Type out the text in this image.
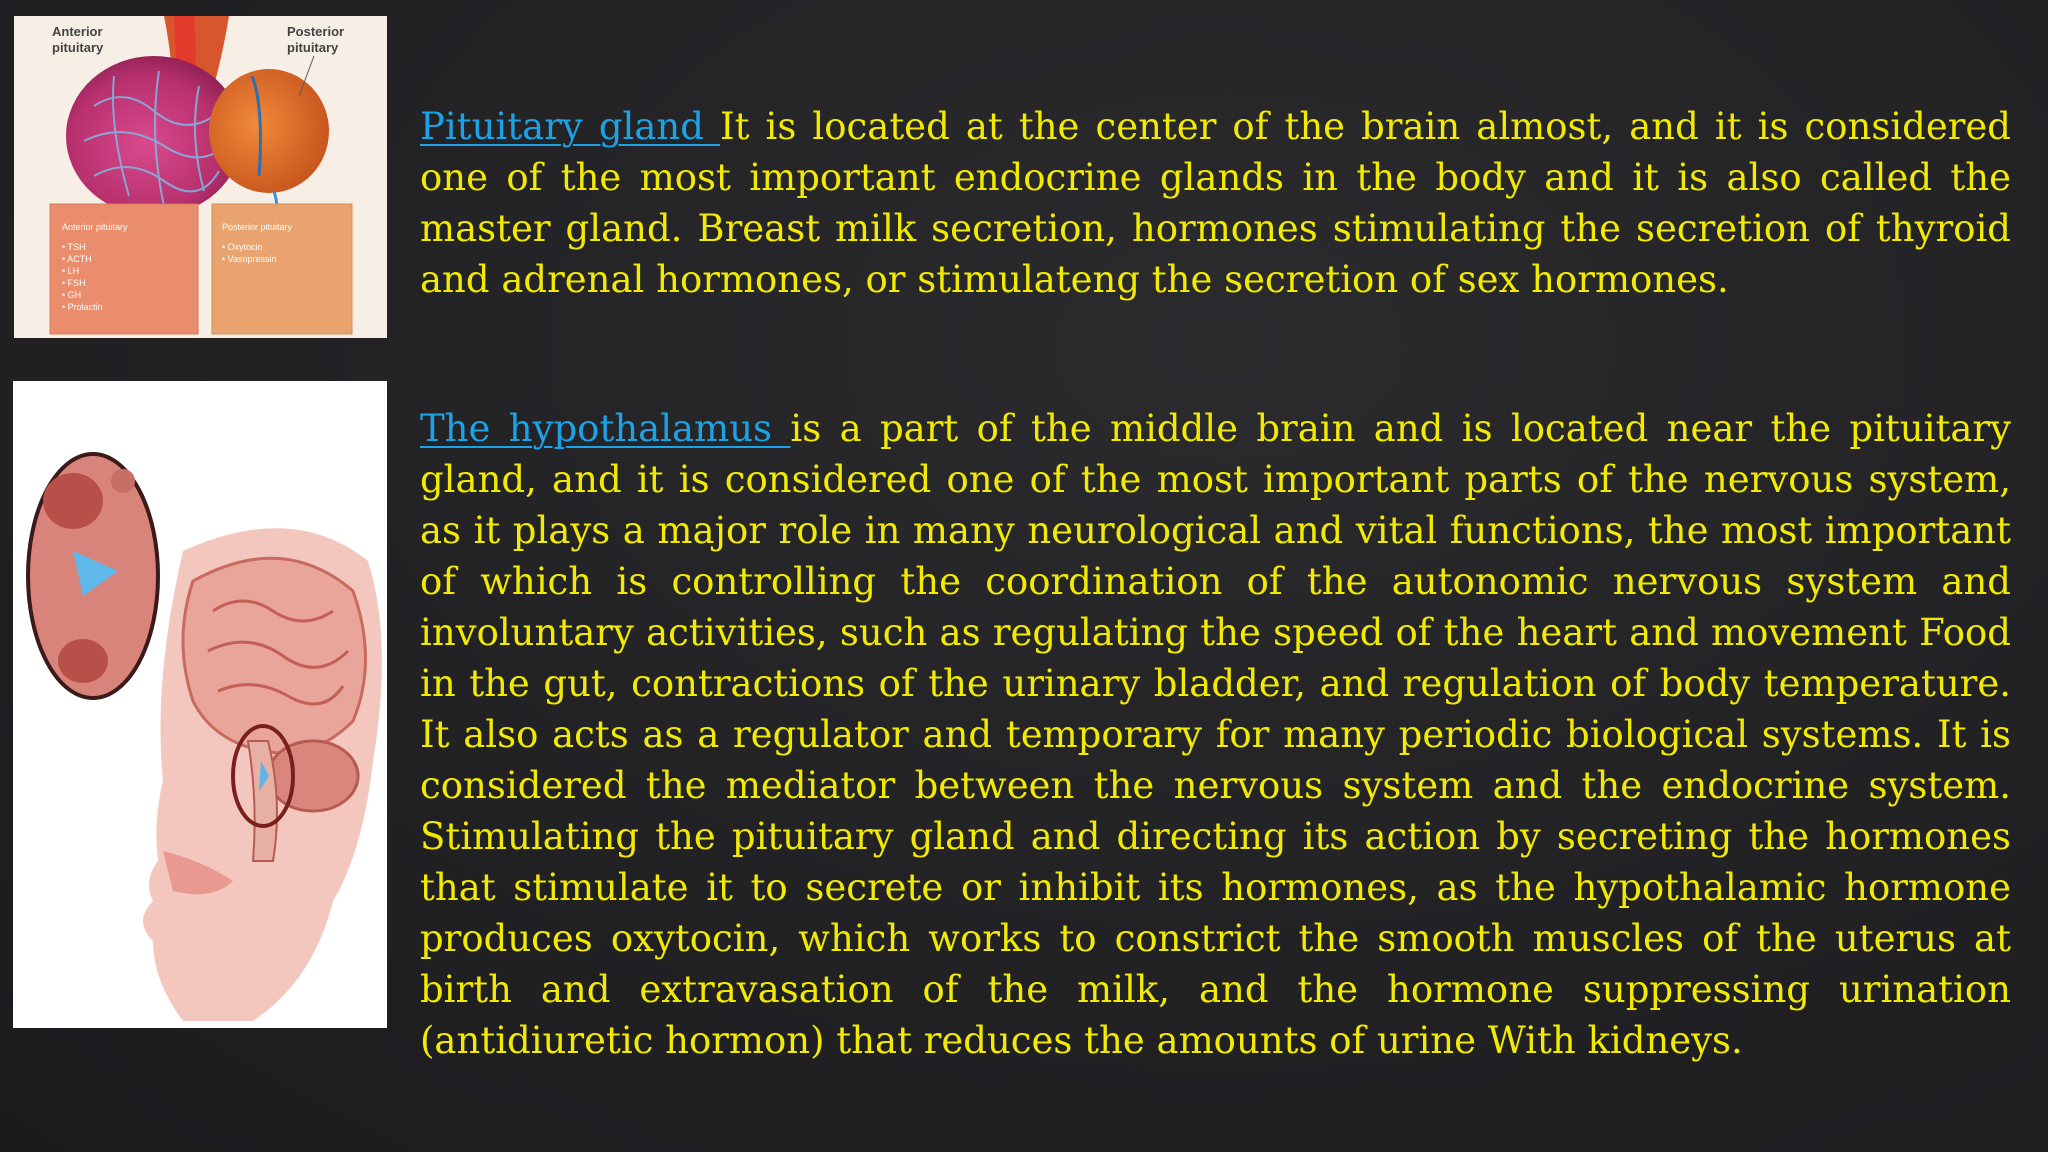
Anterior
pituitary
Posterior
pituitary
Anterior pituitary
• TSH
• ACTH
• LH
• FSH
• GH
• Prolactin
Posterior pituitary
• Oxytocin
• Vasopressin

Pituitary gland It is located at the center of the brain almost, and it is considered one of the most important endocrine glands in the body and it is also called the master gland. Breast milk secretion, hormones stimulating the secretion of thyroid and adrenal hormones, or stimulateng the secretion of sex hormones.

The hypothalamus is a part of the middle brain and is located near the pituitary gland, and it is considered one of the most important parts of the nervous system, as it plays a major role in many neurological and vital functions, the most important of which is controlling the coordination of the autonomic nervous system and involuntary activities, such as regulating the speed of the heart and movement Food in the gut, contractions of the urinary bladder, and regulation of body temperature. It also acts as a regulator and temporary for many periodic biological systems. It is considered the mediator between the nervous system and the endocrine system. Stimulating the pituitary gland and directing its action by secreting the hormones that stimulate it to secrete or inhibit its hormones, as the hypothalamic hormone produces oxytocin, which works to constrict the smooth muscles of the uterus at birth and extravasation of the milk, and the hormone suppressing urination (antidiuretic hormon) that reduces the amounts of urine With kidneys.
